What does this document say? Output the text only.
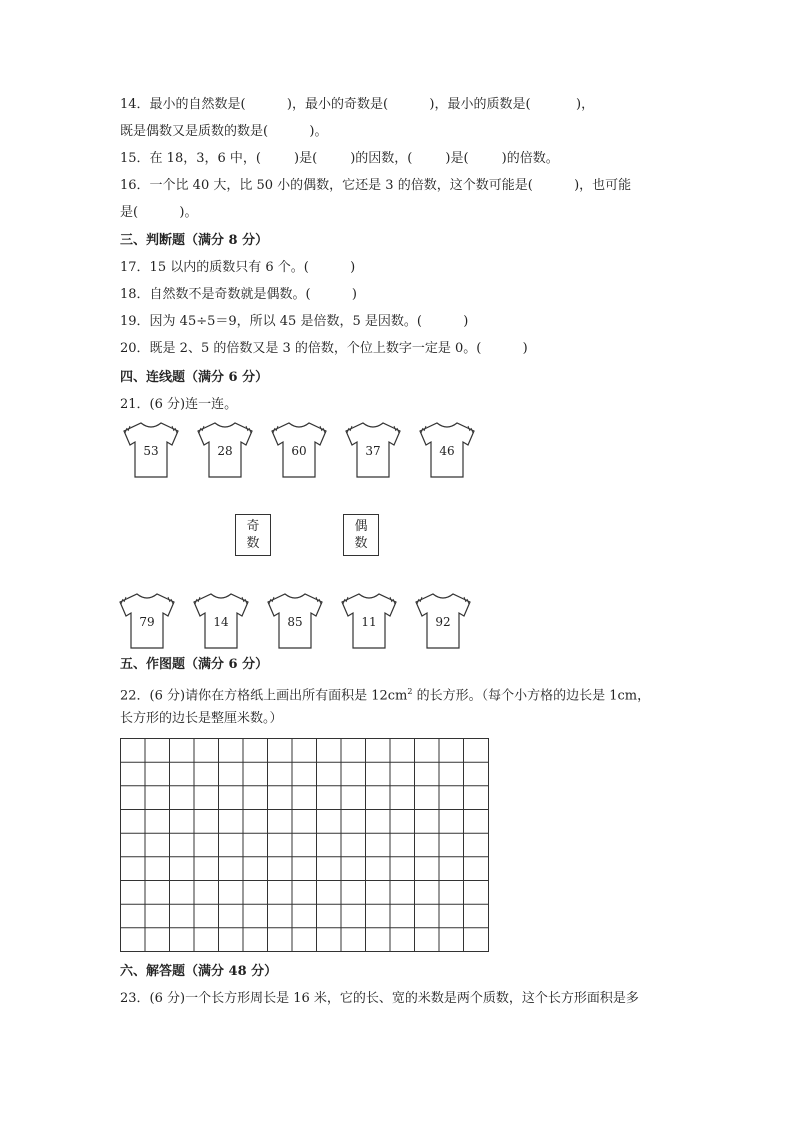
14．最小的自然数是(          )，最小的奇数是(          )，最小的质数是(           )，
既是偶数又是质数的数是(          )。
15．在 18，3，6 中，(        )是(        )的因数，(        )是(        )的倍数。
16．一个比 40 大，比 50 小的偶数，它还是 3 的倍数，这个数可能是(          )，也可能
是(          )。
三、判断题（满分 8 分）
17．15 以内的质数只有 6 个。(          )
18．自然数不是奇数就是偶数。(          )
19．因为 45÷5＝9，所以 45 是倍数，5 是因数。(          )
20．既是 2、5 的倍数又是 3 的倍数，个位上数字一定是 0。(          )
四、连线题（满分 6 分）
21．(6 分)连一连。
53	28	60	37	46
奇
数
偶
数
79	14	85	11	92
五、作图题（满分 6 分）
22．(6 分)请你在方格纸上画出所有面积是 $12cm^2$ 的长方形。（每个小方格的边长是 1cm，
长方形的边长是整厘米数。）
六、解答题（满分 48 分）
23．(6 分)一个长方形周长是 16 米，它的长、宽的米数是两个质数，这个长方形面积是多
